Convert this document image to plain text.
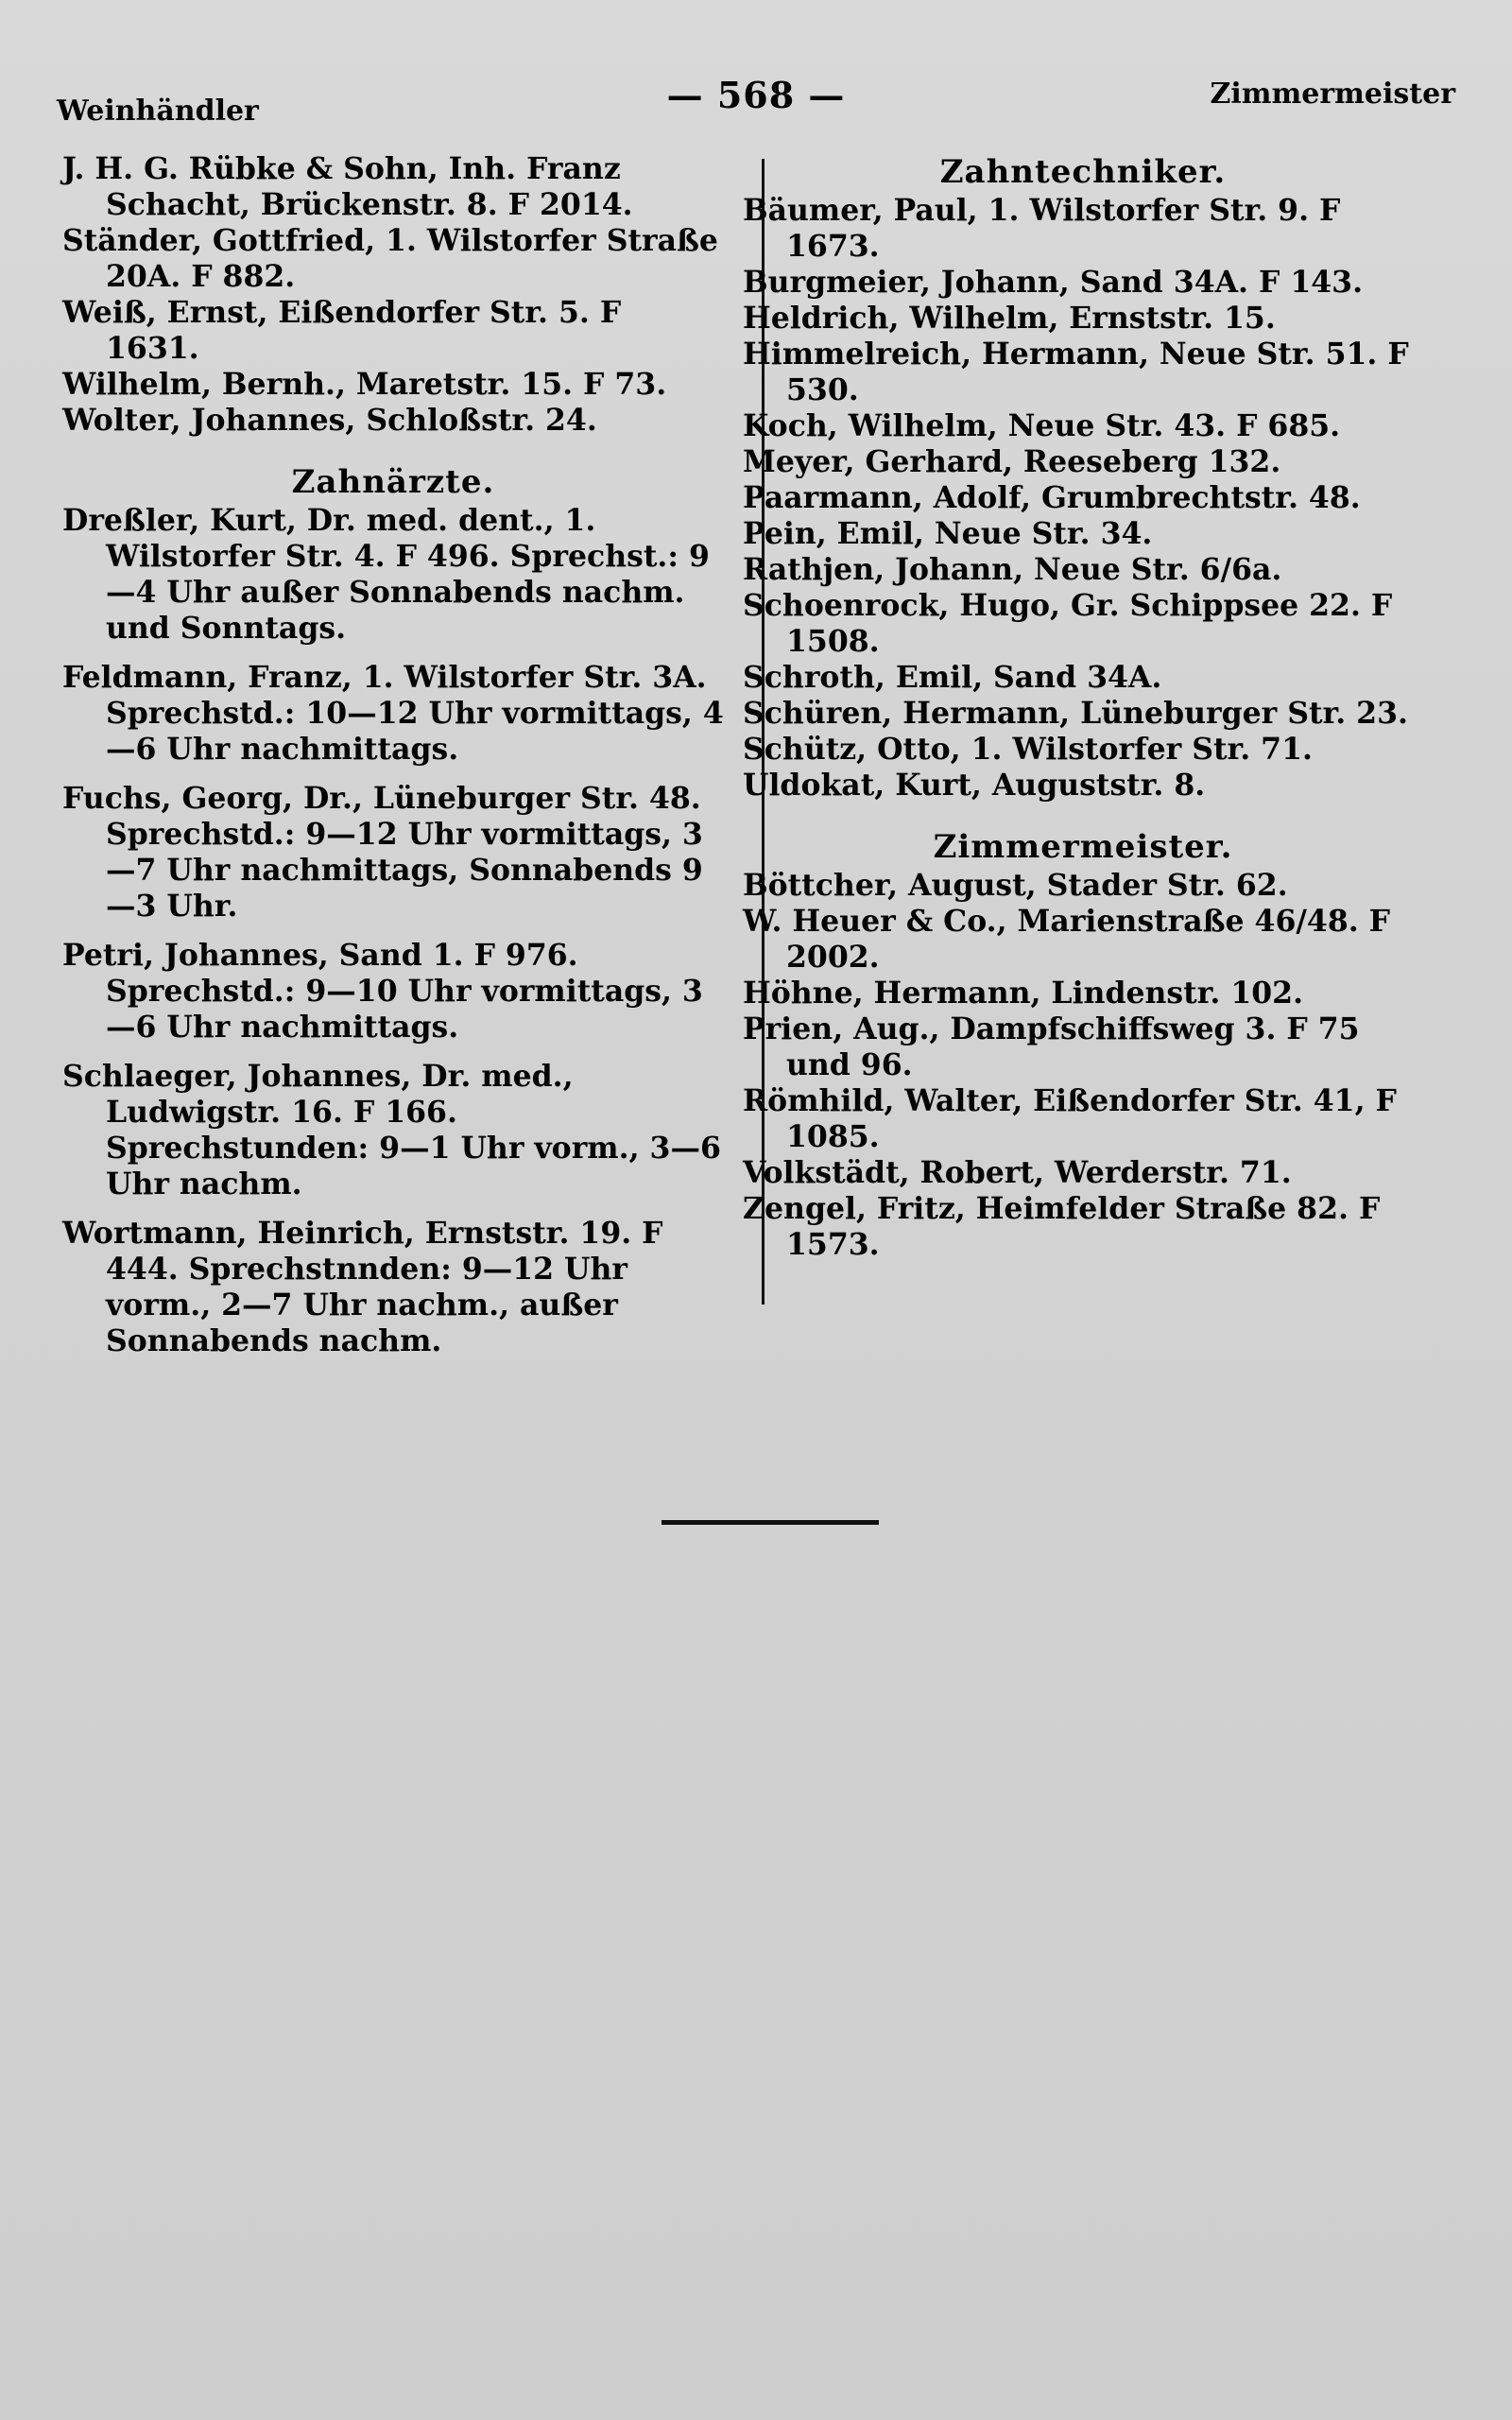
Weinhändler	— 568 —	Zimmermeister
J. H. G. Rübke & Sohn, Inh. Franz Schacht, Brückenstr. 8. F 2014.
Ständer, Gottfried, 1. Wilstorfer Straße 20A. F 882.
Weiß, Ernst, Eißendorfer Str. 5. F 1631.
Wilhelm, Bernh., Maretstr. 15. F 73.
Wolter, Johannes, Schloßstr. 24.
Zahnärzte.
Dreßler, Kurt, Dr. med. dent., 1. Wilstorfer Str. 4. F 496. Sprechst.: 9—4 Uhr außer Sonnabends nachm. und Sonntags.
Feldmann, Franz, 1. Wilstorfer Str. 3A. Sprechstd.: 10—12 Uhr vormittags, 4—6 Uhr nachmittags.
Fuchs, Georg, Dr., Lüneburger Str. 48. Sprechstd.: 9—12 Uhr vormittags, 3—7 Uhr nachmittags, Sonnabends 9—3 Uhr.
Petri, Johannes, Sand 1. F 976. Sprechstd.: 9—10 Uhr vormittags, 3—6 Uhr nachmittags.
Schlaeger, Johannes, Dr. med., Ludwigstr. 16. F 166. Sprechstunden: 9—1 Uhr vorm., 3—6 Uhr nachm.
Wortmann, Heinrich, Ernststr. 19. F 444. Sprechstnnden: 9—12 Uhr vorm., 2—7 Uhr nachm., außer Sonnabends nachm.
Zahntechniker.
Bäumer, Paul, 1. Wilstorfer Str. 9. F 1673.
Burgmeier, Johann, Sand 34A. F 143.
Heldrich, Wilhelm, Ernststr. 15.
Himmelreich, Hermann, Neue Str. 51. F 530.
Koch, Wilhelm, Neue Str. 43. F 685.
Meyer, Gerhard, Reeseberg 132.
Paarmann, Adolf, Grumbrechtstr. 48.
Pein, Emil, Neue Str. 34.
Rathjen, Johann, Neue Str. 6/6a.
Schoenrock, Hugo, Gr. Schippsee 22. F 1508.
Schroth, Emil, Sand 34A.
Schüren, Hermann, Lüneburger Str. 23.
Schütz, Otto, 1. Wilstorfer Str. 71.
Uldokat, Kurt, Auguststr. 8.
Zimmermeister.
Böttcher, August, Stader Str. 62.
W. Heuer & Co., Marienstraße 46/48. F 2002.
Höhne, Hermann, Lindenstr. 102.
Prien, Aug., Dampfschiffsweg 3. F 75 und 96.
Römhild, Walter, Eißendorfer Str. 41, F 1085.
Volkstädt, Robert, Werderstr. 71.
Zengel, Fritz, Heimfelder Straße 82. F 1573.
